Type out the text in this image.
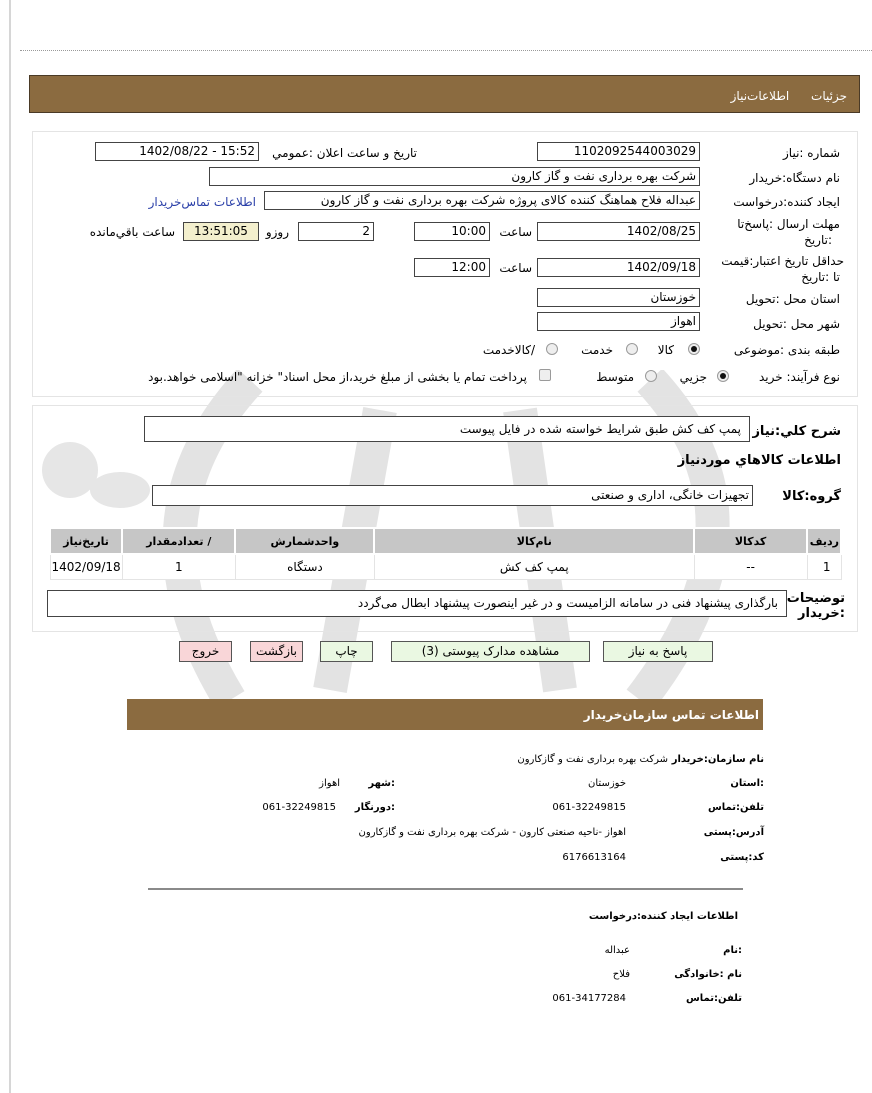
جزئیات اطلاعات‌نیاز
شماره :نیاز
1102092544003029
تاریخ و ساعت اعلان :عمومي
1402/08/22 - 15:52
نام دستگاه:خریدار
شرکت بهره برداری نفت و گاز کارون
ایجاد کننده:درخواست
عبداله فلاح هماهنگ کننده کالای پروژه شرکت بهره برداری نفت و گاز کارون
اطلاعات تماس‌خریدار
مهلت ارسال :پاسخ‌تا
:تاریخ
1402/08/25
ساعت
10:00
2
روزو
13:51:05
ساعت باقي‌مانده
حداقل تاریخ اعتبار:قیمت
تا :تاریخ
1402/09/18
ساعت
12:00
استان محل :تحویل
خوزستان
شهر محل :تحویل
اهواز
طبقه بندی :موضوعی
کالا
خدمت
/کالاخدمت
نوع فرآیند: خرید
جزيي
متوسط
پرداخت تمام یا بخشی از مبلغ خرید،از محل اسناد" خزانه "اسلامی خواهد.بود
شرح کلي:نیاز
پمپ کف کش طبق شرایط خواسته شده در فایل پیوست
اطلاعات کالاهاي موردنیاز
گروه:کالا
تجهیزات خانگی، اداری و صنعتی
ردیف	کدکالا	نام‌کالا	واحدشمارش	/ تعدادمقدار	تاریخ‌نیاز
1	--	پمپ کف کش	دستگاه	1	1402/09/18
توضیحات
:خریدار
بارگذاری پیشنهاد فنی در سامانه الزامیست و در غیر اینصورت پیشنهاد ابطال می‌گردد
پاسخ به نیاز
مشاهده مدارک پیوستی (3)
چاپ
بازگشت
خروج
اطلاعات تماس سازمان‌خریدار
نام سازمان:خریدار
شرکت بهره برداری نفت و گازکارون
:استان
خوزستان
:شهر
اهواز
تلفن:تماس
061-32249815
:دورنگار
061-32249815
آدرس:پستی
اهواز -ناحیه صنعتی کارون - شرکت بهره برداری نفت و گازکارون
کد:پستی
6176613164
اطلاعات ایجاد کننده:درخواست
:نام
عبداله
نام :خانوادگی
فلاح
تلفن:تماس
061-34177284
